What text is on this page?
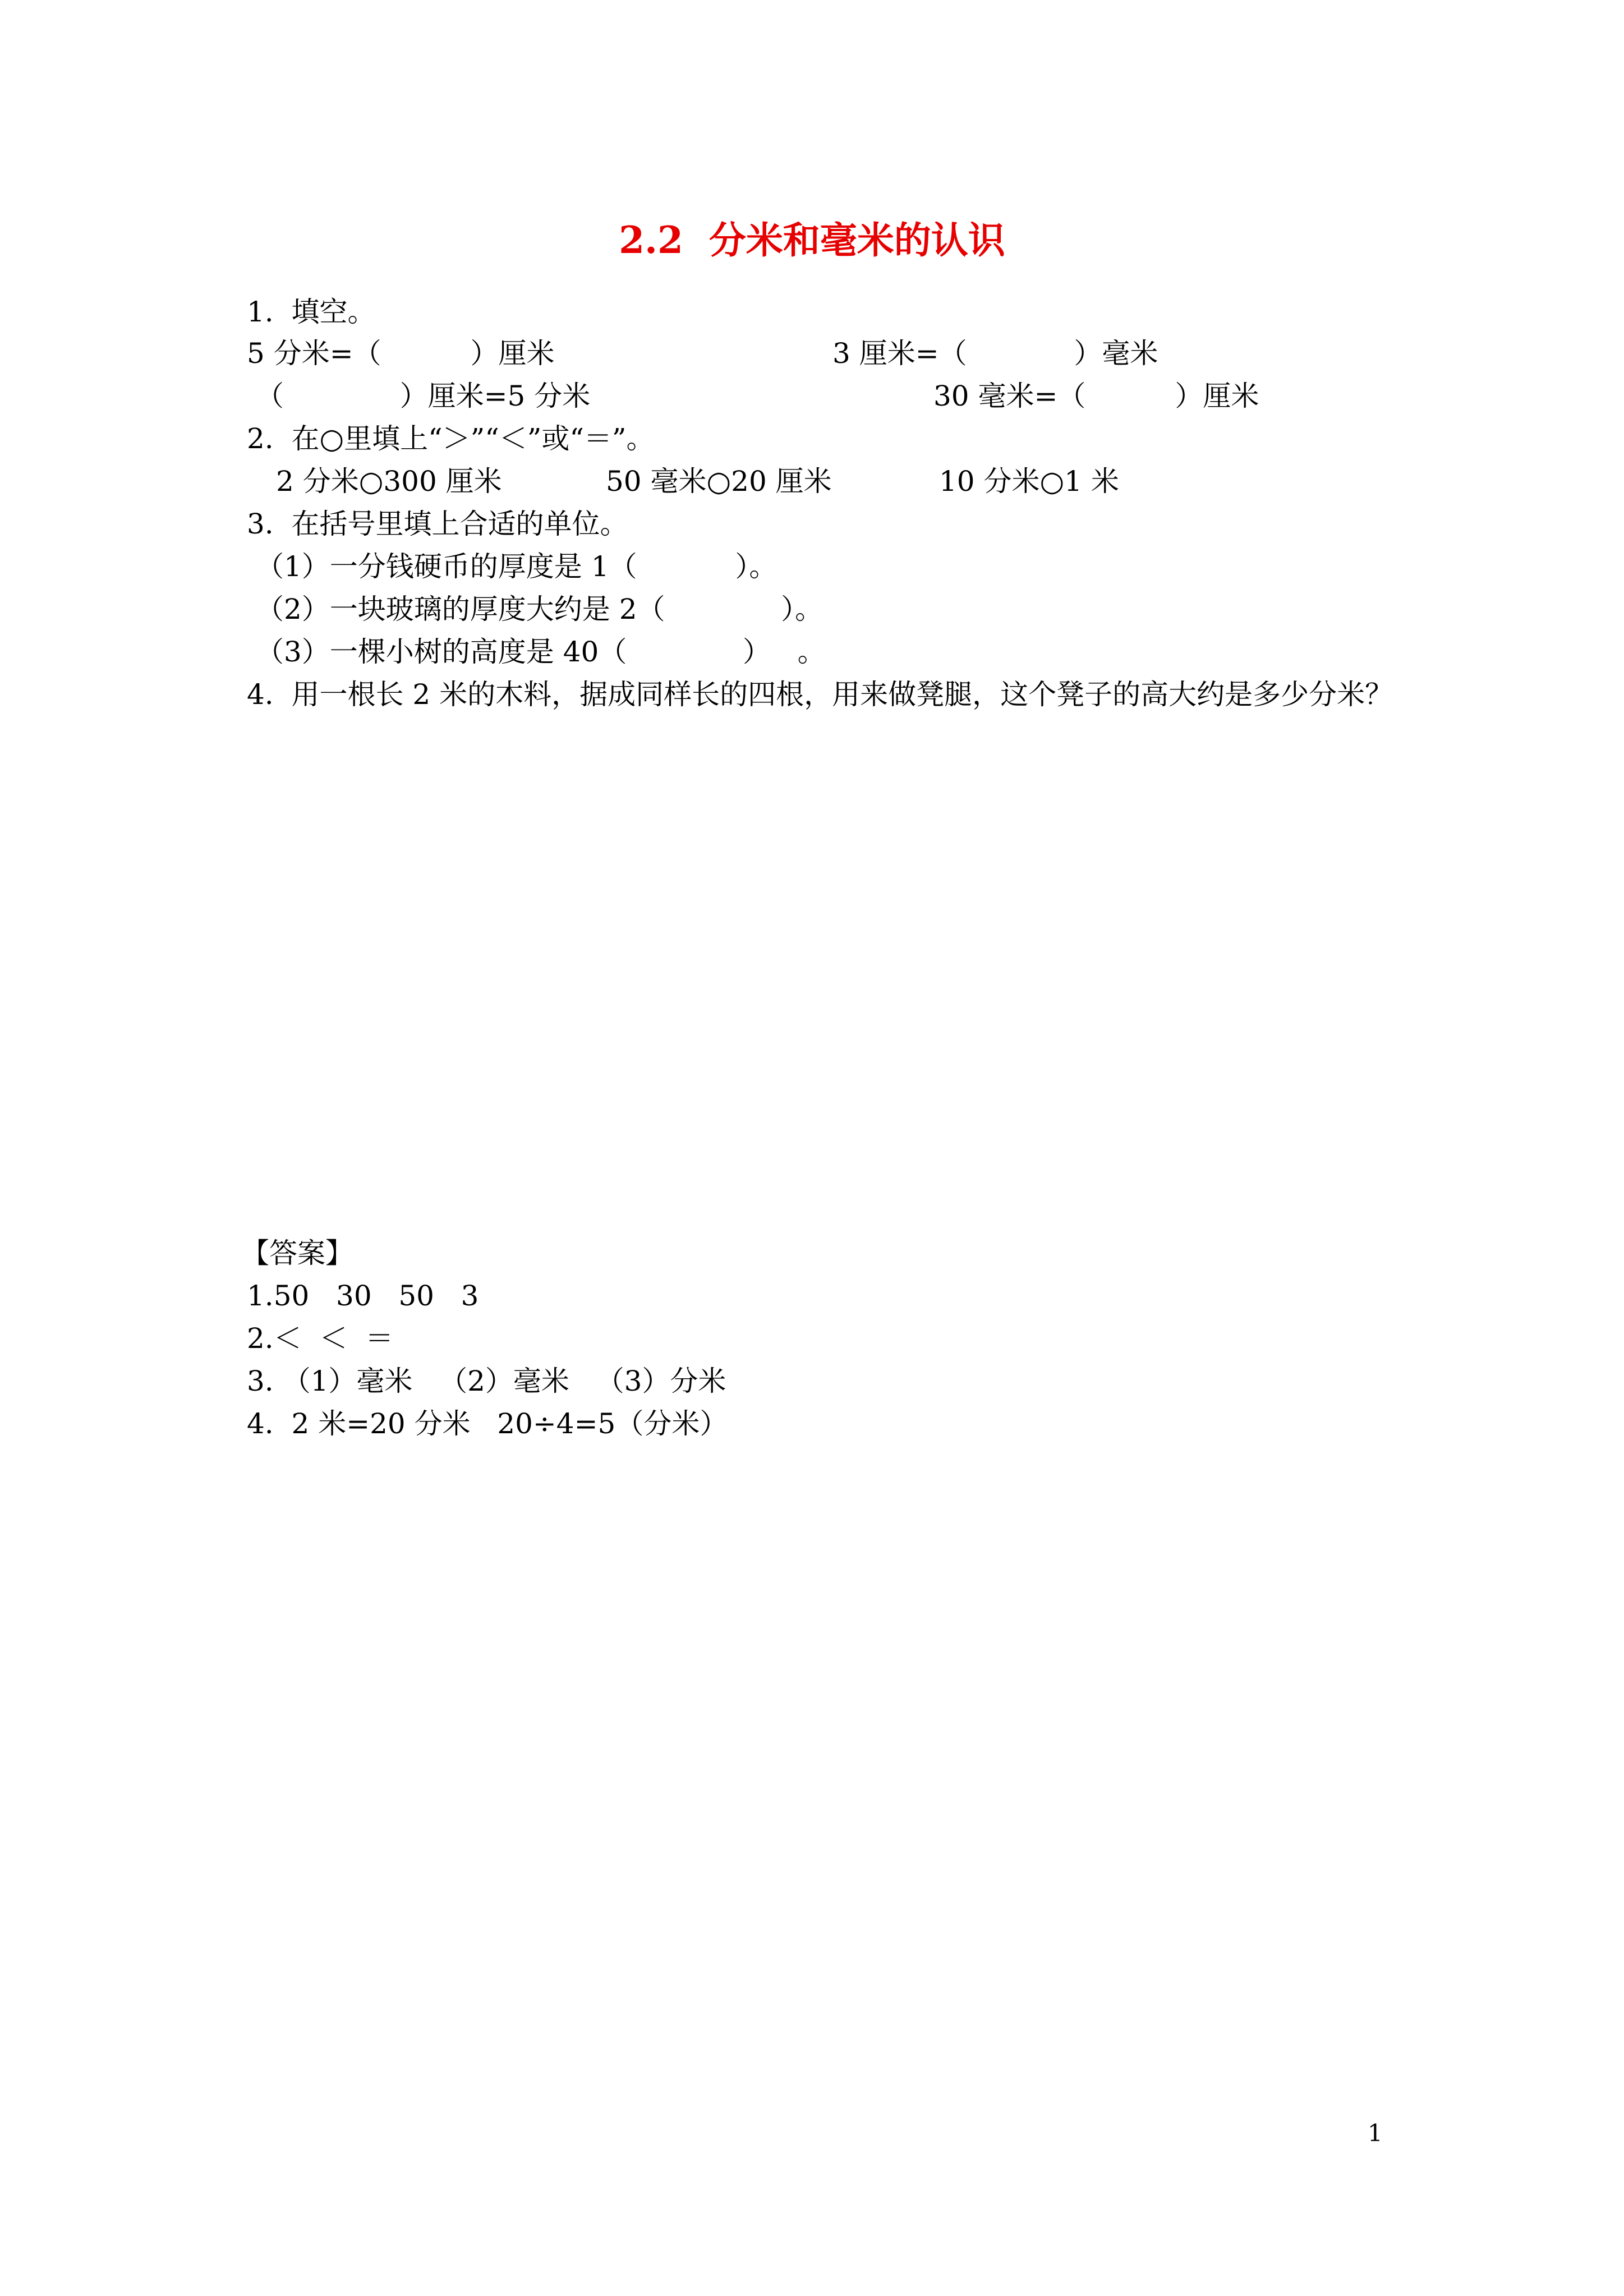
2.2  分米和毫米的认识
1.  填空。
5 分米=（          ）厘米	3 厘米=（            ）毫米
（             ）厘米=5 分米	30 毫米=（          ）厘米
2.  在○里填上“＞”“＜”或“＝”。
2 分米○300 厘米	50 毫米○20 厘米	10 分米○1 米
3.  在括号里填上合适的单位。
（1）一分钱硬币的厚度是 1（           ）。
（2）一块玻璃的厚度大约是 2（             ）。
（3）一棵小树的高度是 40（             ）   。
4.  用一根长 2 米的木料，据成同样长的四根，用来做凳腿，这个凳子的高大约是多少分米？
【答案】
1.50   30   50   3
2.＜  ＜  ＝
3. （1）毫米   （2）毫米   （3）分米
4.  2 米=20 分米   20÷4=5（分米）
1
